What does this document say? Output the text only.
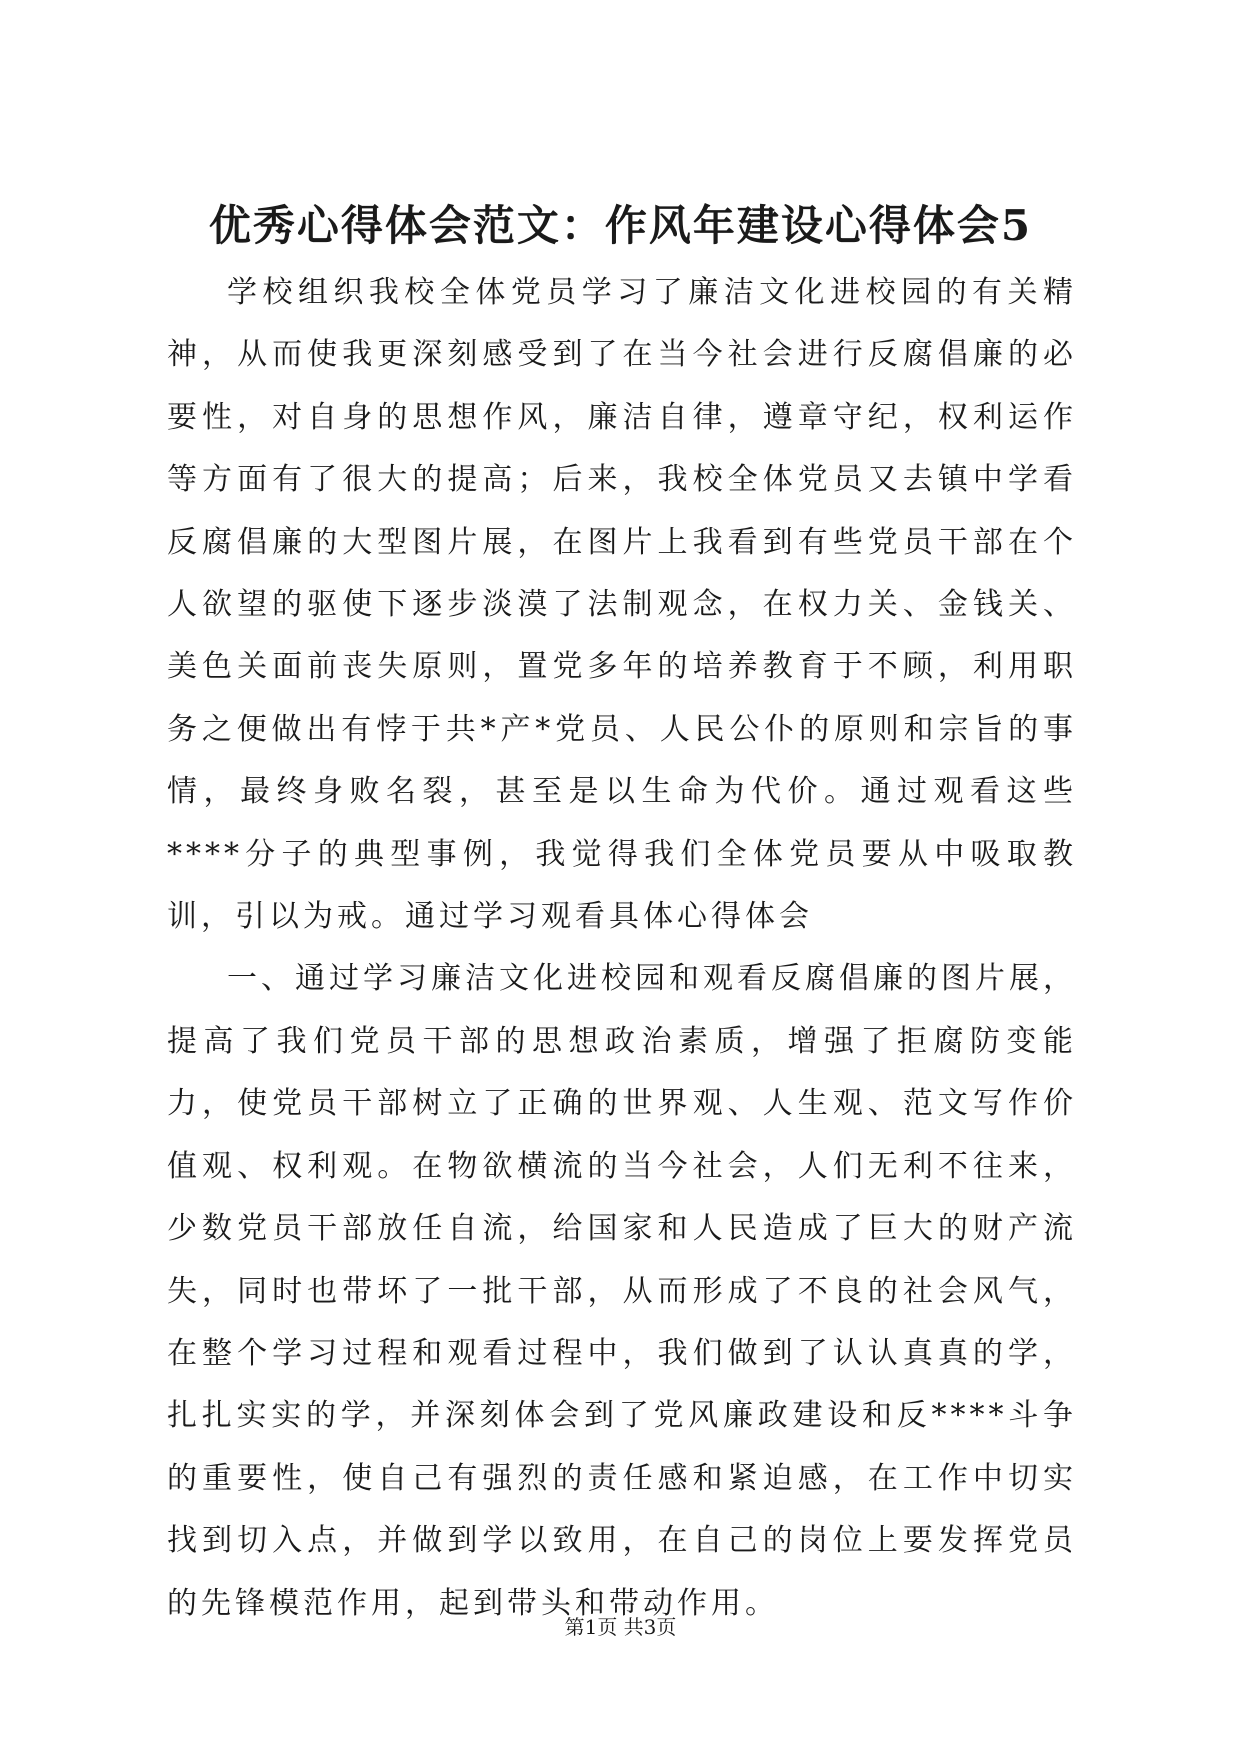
优秀心得体会范文：作风年建设心得体会5

学校组织我校全体党员学习了廉洁文化进校园的有关精神，从而使我更深刻感受到了在当今社会进行反腐倡廉的必要性，对自身的思想作风，廉洁自律，遵章守纪，权利运作等方面有了很大的提高；后来，我校全体党员又去镇中学看反腐倡廉的大型图片展，在图片上我看到有些党员干部在个人欲望的驱使下逐步淡漠了法制观念，在权力关、金钱关、美色关面前丧失原则，置党多年的培养教育于不顾，利用职务之便做出有悖于共*产*党员、人民公仆的原则和宗旨的事情，最终身败名裂，甚至是以生命为代价。通过观看这些****分子的典型事例，我觉得我们全体党员要从中吸取教训，引以为戒。通过学习观看具体心得体会

一、通过学习廉洁文化进校园和观看反腐倡廉的图片展，提高了我们党员干部的思想政治素质，增强了拒腐防变能力，使党员干部树立了正确的世界观、人生观、范文写作价值观、权利观。在物欲横流的当今社会，人们无利不往来，少数党员干部放任自流，给国家和人民造成了巨大的财产流失，同时也带坏了一批干部，从而形成了不良的社会风气，在整个学习过程和观看过程中，我们做到了认认真真的学，扎扎实实的学，并深刻体会到了党风廉政建设和反****斗争的重要性，使自己有强烈的责任感和紧迫感，在工作中切实找到切入点，并做到学以致用，在自己的岗位上要发挥党员的先锋模范作用，起到带头和带动作用。

第1页 共3页
